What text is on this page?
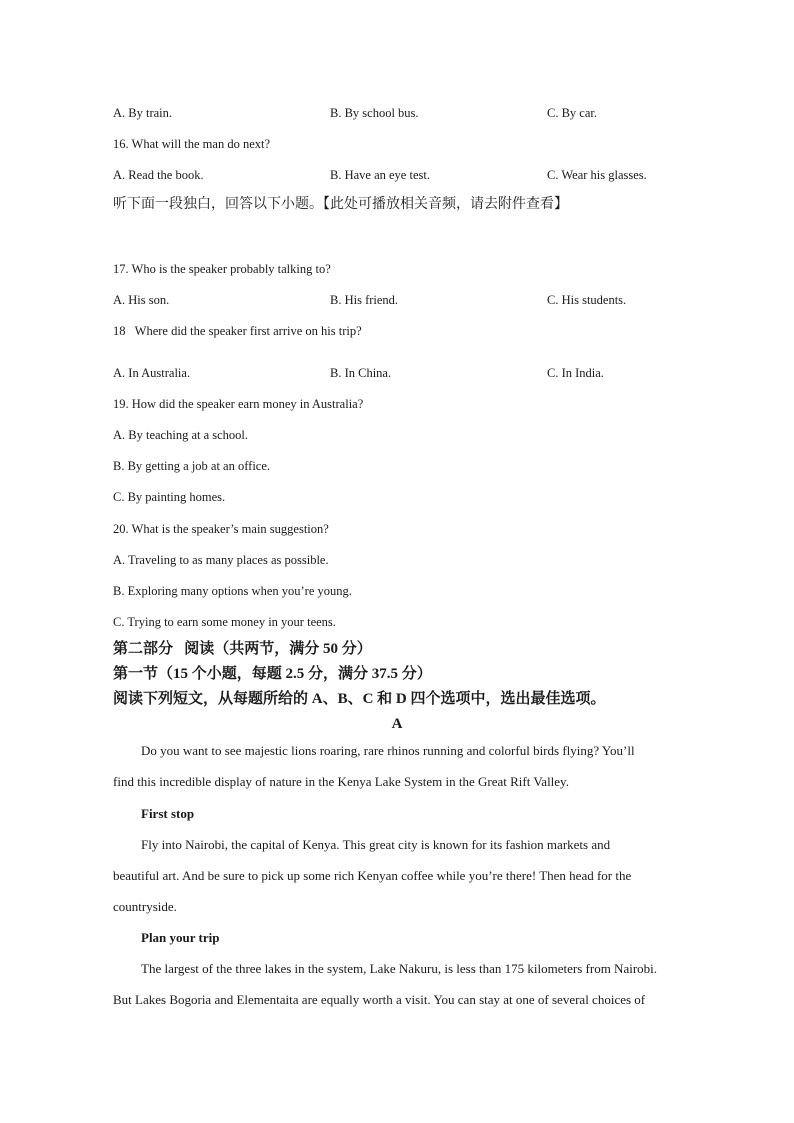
A. By train.	B. By school bus.	C. By car.
16. What will the man do next?
A. Read the book.	B. Have an eye test.	C. Wear his glasses.
听下面一段独白，回答以下小题。【此处可播放相关音频，请去附件查看】
17. Who is the speaker probably talking to?
A. His son.	B. His friend.	C. His students.
18   Where did the speaker first arrive on his trip?
A. In Australia.	B. In China.	C. In India.
19. How did the speaker earn money in Australia?
A. By teaching at a school.
B. By getting a job at an office.
C. By painting homes.
20. What is the speaker’s main suggestion?
A. Traveling to as many places as possible.
B. Exploring many options when you’re young.
C. Trying to earn some money in your teens.
第二部分   阅读（共两节，满分 50 分）
第一节（15 个小题，每题 2.5 分，满分 37.5 分）
阅读下列短文，从每题所给的 A、B、C 和 D 四个选项中，选出最佳选项。
A
Do you want to see majestic lions roaring, rare rhinos running and colorful birds flying? You’ll
find this incredible display of nature in the Kenya Lake System in the Great Rift Valley.
First stop
Fly into Nairobi, the capital of Kenya. This great city is known for its fashion markets and
beautiful art. And be sure to pick up some rich Kenyan coffee while you’re there! Then head for the
countryside.
Plan your trip
The largest of the three lakes in the system, Lake Nakuru, is less than 175 kilometers from Nairobi.
But Lakes Bogoria and Elementaita are equally worth a visit. You can stay at one of several choices of
